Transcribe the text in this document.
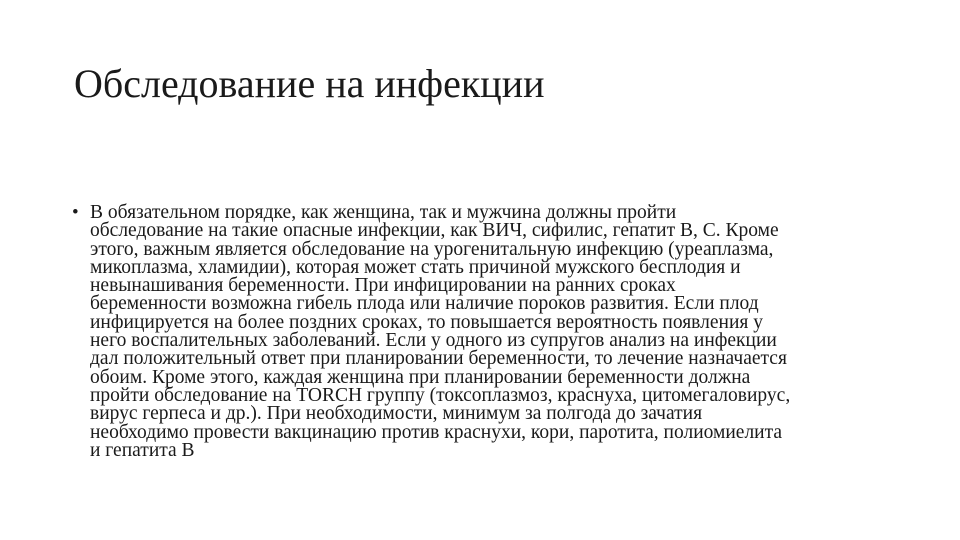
Обследование на инфекции
• В обязательном порядке, как женщина, так и мужчина должны пройти
обследование на такие опасные инфекции, как ВИЧ, сифилис, гепатит В, С. Кроме
этого, важным является обследование на урогенитальную инфекцию (уреаплазма,
микоплазма, хламидии), которая может стать причиной мужского бесплодия и
невынашивания беременности. При инфицировании на ранних сроках
беременности возможна гибель плода или наличие пороков развития. Если плод
инфицируется на более поздних сроках, то повышается вероятность появления у
него воспалительных заболеваний. Если у одного из супругов анализ на инфекции
дал положительный ответ при планировании беременности, то лечение назначается
обоим. Кроме этого, каждая женщина при планировании беременности должна
пройти обследование на TORCH группу (токсоплазмоз, краснуха, цитомегаловирус,
вирус герпеса и др.). При необходимости, минимум за полгода до зачатия
необходимо провести вакцинацию против краснухи, кори, паротита, полиомиелита
и гепатита В
